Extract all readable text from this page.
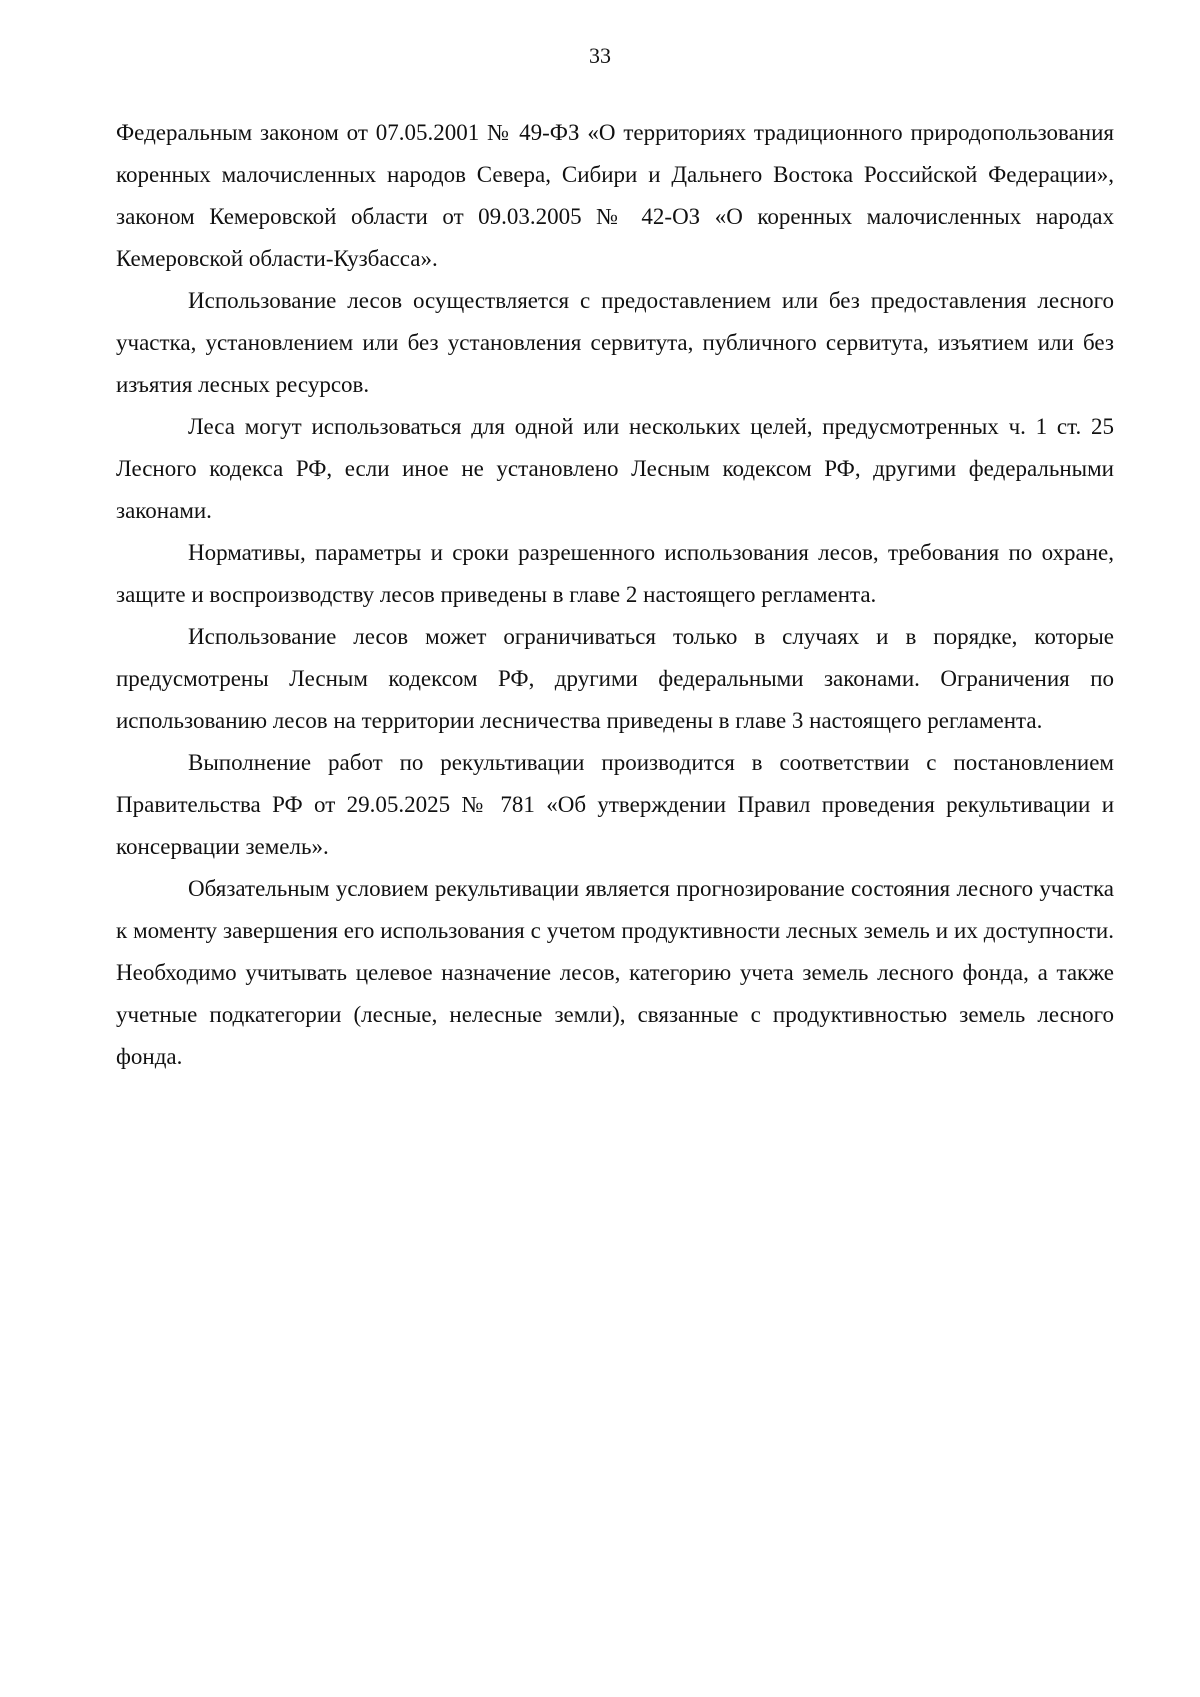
33

Федеральным законом от 07.05.2001 № 49-ФЗ «О территориях традиционного природопользования коренных малочисленных народов Севера, Сибири и Дальнего Востока Российской Федерации», законом Кемеровской области от 09.03.2005 № 42-ОЗ «О коренных малочисленных народах Кемеровской области-Кузбасса».

Использование лесов осуществляется с предоставлением или без предоставления лесного участка, установлением или без установления сервитута, публичного сервитута, изъятием или без изъятия лесных ресурсов.

Леса могут использоваться для одной или нескольких целей, предусмотренных ч. 1 ст. 25 Лесного кодекса РФ, если иное не установлено Лесным кодексом РФ, другими федеральными законами.

Нормативы, параметры и сроки разрешенного использования лесов, требования по охране, защите и воспроизводству лесов приведены в главе 2 настоящего регламента.

Использование лесов может ограничиваться только в случаях и в порядке, которые предусмотрены Лесным кодексом РФ, другими федеральными законами. Ограничения по использованию лесов на территории лесничества приведены в главе 3 настоящего регламента.

Выполнение работ по рекультивации производится в соответствии с постановлением Правительства РФ от 29.05.2025 № 781 «Об утверждении Правил проведения рекультивации и консервации земель».

Обязательным условием рекультивации является прогнозирование состояния лесного участка к моменту завершения его использования с учетом продуктивности лесных земель и их доступности. Необходимо учитывать целевое назначение лесов, категорию учета земель лесного фонда, а также учетные подкатегории (лесные, нелесные земли), связанные с продуктивностью земель лесного фонда.
